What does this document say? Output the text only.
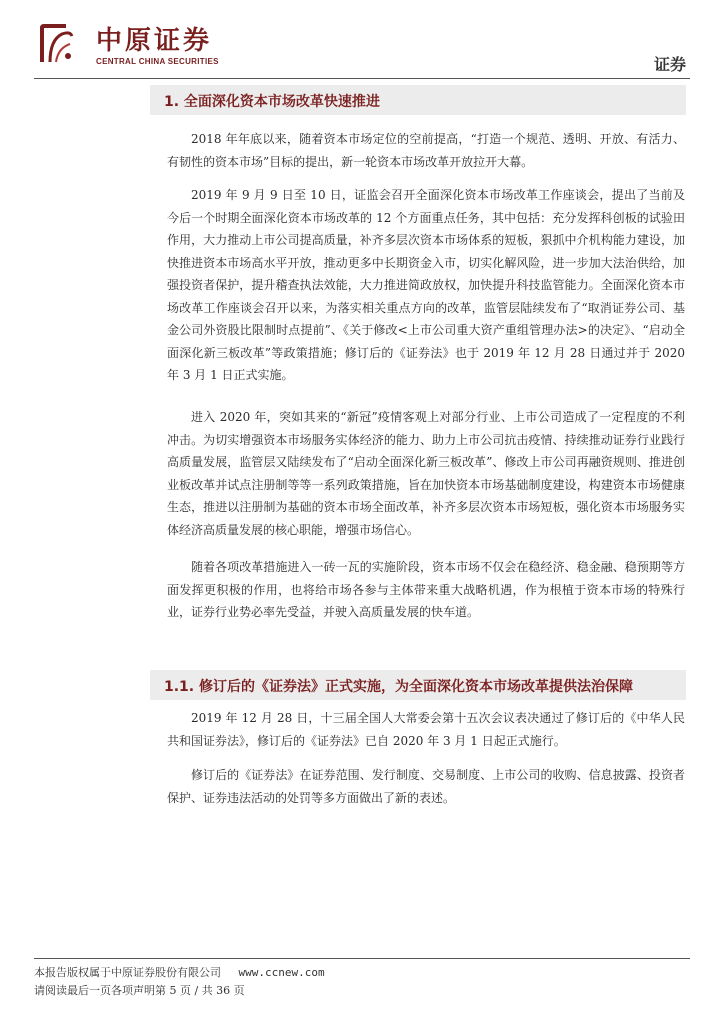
中原证券
CENTRAL CHINA SECURITIES	证券
1. 全面深化资本市场改革快速推进

2018 年年底以来，随着资本市场定位的空前提高，“打造一个规范、透明、开放、有活力、有韧性的资本市场”目标的提出，新一轮资本市场改革开放拉开大幕。

2019 年 9 月 9 日至 10 日，证监会召开全面深化资本市场改革工作座谈会，提出了当前及今后一个时期全面深化资本市场改革的 12 个方面重点任务，其中包括：充分发挥科创板的试验田作用，大力推动上市公司提高质量，补齐多层次资本市场体系的短板，狠抓中介机构能力建设，加快推进资本市场高水平开放，推动更多中长期资金入市，切实化解风险，进一步加大法治供给，加强投资者保护，提升稽查执法效能，大力推进简政放权，加快提升科技监管能力。全面深化资本市场改革工作座谈会召开以来，为落实相关重点方向的改革，监管层陆续发布了“取消证券公司、基金公司外资股比限制时点提前”、《关于修改<上市公司重大资产重组管理办法>的决定》、“启动全面深化新三板改革”等政策措施；修订后的《证券法》也于 2019 年 12 月 28 日通过并于 2020 年 3 月 1 日正式实施。

进入 2020 年，突如其来的“新冠”疫情客观上对部分行业、上市公司造成了一定程度的不利冲击。为切实增强资本市场服务实体经济的能力、助力上市公司抗击疫情、持续推动证券行业践行高质量发展，监管层又陆续发布了“启动全面深化新三板改革”、修改上市公司再融资规则、推进创业板改革并试点注册制等等一系列政策措施，旨在加快资本市场基础制度建设，构建资本市场健康生态，推进以注册制为基础的资本市场全面改革，补齐多层次资本市场短板，强化资本市场服务实体经济高质量发展的核心职能，增强市场信心。

随着各项改革措施进入一砖一瓦的实施阶段，资本市场不仅会在稳经济、稳金融、稳预期等方面发挥更积极的作用，也将给市场各参与主体带来重大战略机遇，作为根植于资本市场的特殊行业，证券行业势必率先受益，并驶入高质量发展的快车道。

1.1. 修订后的《证券法》正式实施，为全面深化资本市场改革提供法治保障

2019 年 12 月 28 日，十三届全国人大常委会第十五次会议表决通过了修订后的《中华人民共和国证券法》，修订后的《证券法》已自 2020 年 3 月 1 日起正式施行。

修订后的《证券法》在证券范围、发行制度、交易制度、上市公司的收购、信息披露、投资者保护、证券违法活动的处罚等多方面做出了新的表述。

本报告版权属于中原证券股份有限公司 www.ccnew.com
请阅读最后一页各项声明第 5 页 / 共 36 页
